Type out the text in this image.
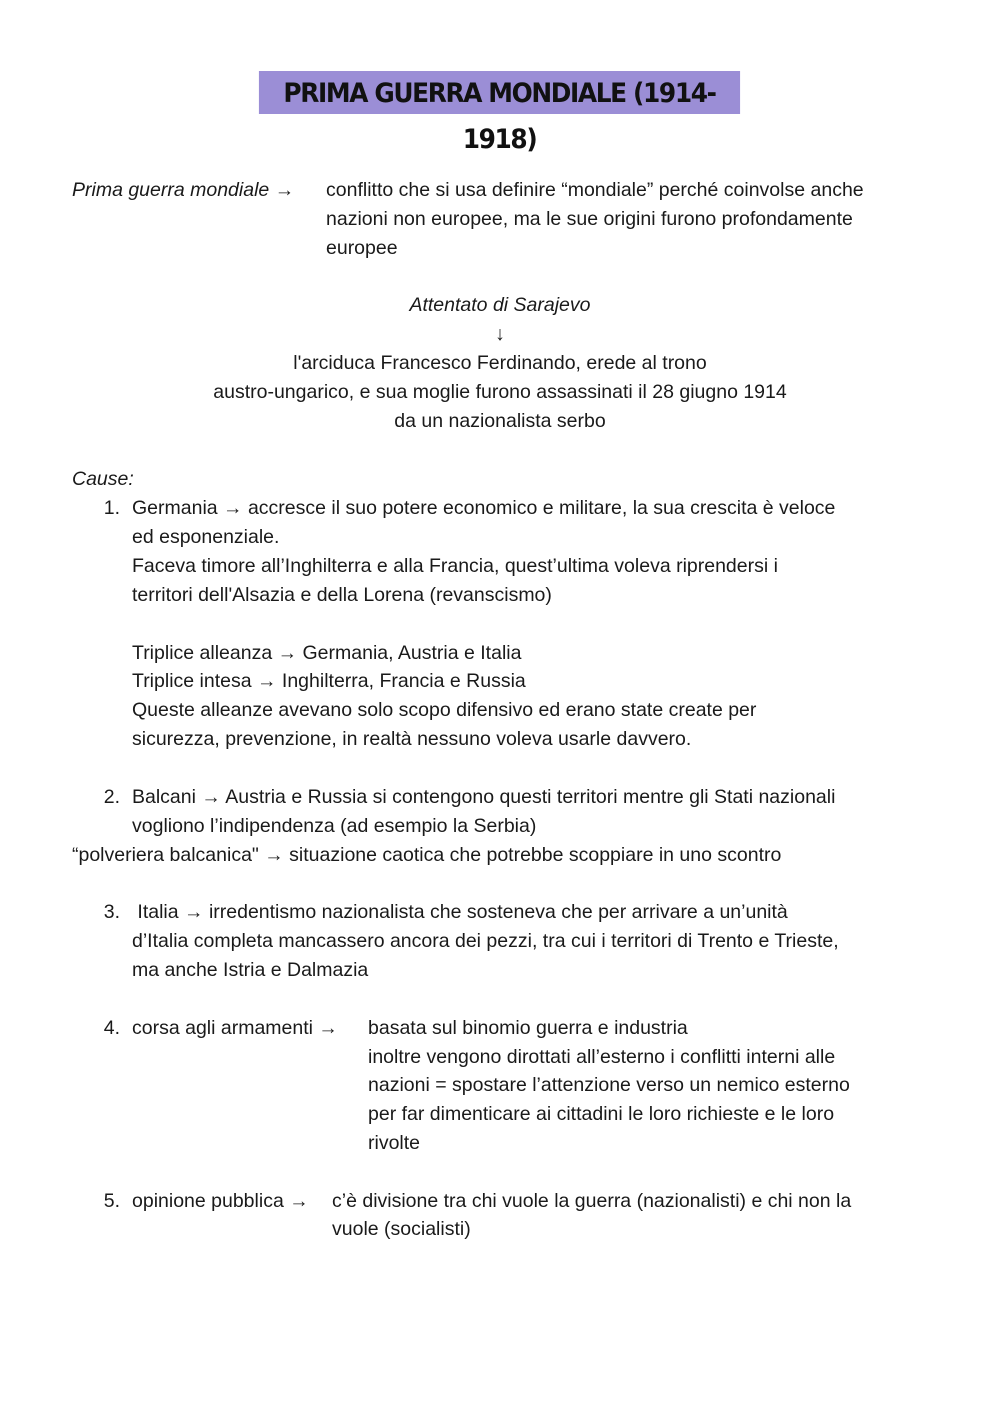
PRIMA GUERRA MONDIALE (1914-1918)
Prima guerra mondiale → conflitto che si usa definire “mondiale” perché coinvolse anche
nazioni non europee, ma le sue origini furono profondamente
europee
Attentato di Sarajevo
↓
l'arciduca Francesco Ferdinando, erede al trono
austro-ungarico, e sua moglie furono assassinati il 28 giugno 1914
da un nazionalista serbo
Cause:
1. Germania → accresce il suo potere economico e militare, la sua crescita è veloce
ed esponenziale.
Faceva timore all’Inghilterra e alla Francia, quest’ultima voleva riprendersi i
territori dell'Alsazia e della Lorena (revanscismo)
Triplice alleanza → Germania, Austria e Italia
Triplice intesa → Inghilterra, Francia e Russia
Queste alleanze avevano solo scopo difensivo ed erano state create per
sicurezza, prevenzione, in realtà nessuno voleva usarle davvero.
2. Balcani → Austria e Russia si contengono questi territori mentre gli Stati nazionali
vogliono l’indipendenza (ad esempio la Serbia)
“polveriera balcanica" → situazione caotica che potrebbe scoppiare in uno scontro
3. Italia → irredentismo nazionalista che sosteneva che per arrivare a un’unità
d’Italia completa mancassero ancora dei pezzi, tra cui i territori di Trento e Trieste,
ma anche Istria e Dalmazia
4. corsa agli armamenti → basata sul binomio guerra e industria
inoltre vengono dirottati all’esterno i conflitti interni alle
nazioni = spostare l’attenzione verso un nemico esterno
per far dimenticare ai cittadini le loro richieste e le loro
rivolte
5. opinione pubblica → c’è divisione tra chi vuole la guerra (nazionalisti) e chi non la
vuole (socialisti)
